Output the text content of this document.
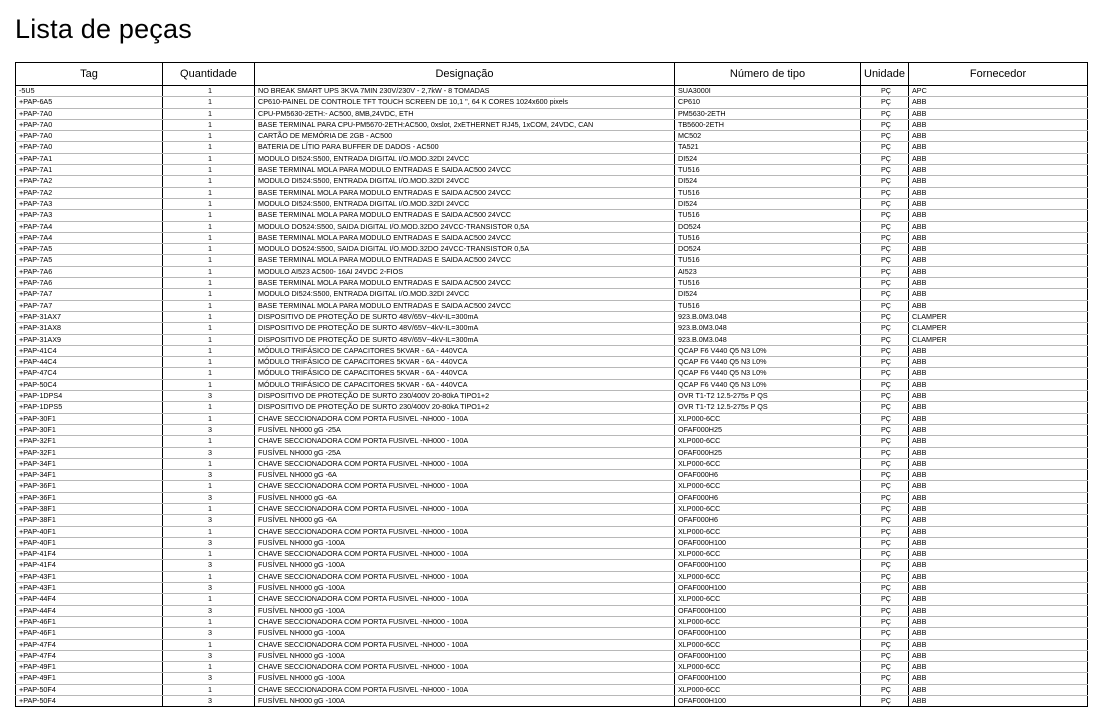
Lista de peças
Tag	Quantidade	Designação	Número de tipo	Unidade	Fornecedor
-5U5	1	NO BREAK SMART UPS 3KVA 7MIN 230V/230V - 2,7kW - 8 TOMADAS	SUA3000I	PÇ	APC
+PAP-6A5	1	CP610-PAINEL DE CONTROLE TFT TOUCH SCREEN DE 10,1 ", 64 K CORES 1024x600 pixels	CP610	PÇ	ABB
+PAP-7A0	1	CPU-PM5630-2ETH:- AC500, 8MB,24VDC, ETH	PM5630-2ETH	PÇ	ABB
+PAP-7A0	1	BASE TERMINAL PARA CPU-PM5670-2ETH:AC500, 0xslot, 2xETHERNET RJ45, 1xCOM, 24VDC, CAN	TB5600-2ETH	PÇ	ABB
+PAP-7A0	1	CARTÃO DE MEMÓRIA DE 2GB - AC500	MC502	PÇ	ABB
+PAP-7A0	1	BATERIA DE LÍTIO PARA BUFFER DE DADOS - AC500	TA521	PÇ	ABB
+PAP-7A1	1	MODULO DI524:S500, ENTRADA DIGITAL I/O.MOD.32DI 24VCC	DI524	PÇ	ABB
+PAP-7A1	1	BASE TERMINAL MOLA PARA MODULO ENTRADAS E SAIDA AC500 24VCC	TU516	PÇ	ABB
+PAP-7A2	1	MODULO DI524:S500, ENTRADA DIGITAL I/O.MOD.32DI 24VCC	DI524	PÇ	ABB
+PAP-7A2	1	BASE TERMINAL MOLA PARA MODULO ENTRADAS E SAIDA AC500 24VCC	TU516	PÇ	ABB
+PAP-7A3	1	MODULO DI524:S500, ENTRADA DIGITAL I/O.MOD.32DI 24VCC	DI524	PÇ	ABB
+PAP-7A3	1	BASE TERMINAL MOLA PARA MODULO ENTRADAS E SAIDA AC500 24VCC	TU516	PÇ	ABB
+PAP-7A4	1	MODULO DO524:S500, SAIDA DIGITAL I/O.MOD.32DO 24VCC-TRANSISTOR 0,5A	DO524	PÇ	ABB
+PAP-7A4	1	BASE TERMINAL MOLA PARA MODULO ENTRADAS E SAIDA AC500 24VCC	TU516	PÇ	ABB
+PAP-7A5	1	MODULO DO524:S500, SAIDA DIGITAL I/O.MOD.32DO 24VCC-TRANSISTOR 0,5A	DO524	PÇ	ABB
+PAP-7A5	1	BASE TERMINAL MOLA PARA MODULO ENTRADAS E SAIDA AC500 24VCC	TU516	PÇ	ABB
+PAP-7A6	1	MODULO AI523 AC500- 16AI 24VDC 2-FIOS	AI523	PÇ	ABB
+PAP-7A6	1	BASE TERMINAL MOLA PARA MODULO ENTRADAS E SAIDA AC500 24VCC	TU516	PÇ	ABB
+PAP-7A7	1	MODULO DI524:S500, ENTRADA DIGITAL I/O.MOD.32DI 24VCC	DI524	PÇ	ABB
+PAP-7A7	1	BASE TERMINAL MOLA PARA MODULO ENTRADAS E SAIDA AC500 24VCC	TU516	PÇ	ABB
+PAP-31AX7	1	DISPOSITIVO DE PROTEÇÃO DE SURTO 48V/65V~4kV-IL=300mA	923.B.0M3.048	PÇ	CLAMPER
+PAP-31AX8	1	DISPOSITIVO DE PROTEÇÃO DE SURTO 48V/65V~4kV-IL=300mA	923.B.0M3.048	PÇ	CLAMPER
+PAP-31AX9	1	DISPOSITIVO DE PROTEÇÃO DE SURTO 48V/65V~4kV-IL=300mA	923.B.0M3.048	PÇ	CLAMPER
+PAP-41C4	1	MÓDULO TRIFÁSICO DE CAPACITORES 5KVAR - 6A - 440VCA	QCAP F6 V440 Q5 N3 L0%	PÇ	ABB
+PAP-44C4	1	MÓDULO TRIFÁSICO DE CAPACITORES 5KVAR - 6A - 440VCA	QCAP F6 V440 Q5 N3 L0%	PÇ	ABB
+PAP-47C4	1	MÓDULO TRIFÁSICO DE CAPACITORES 5KVAR - 6A - 440VCA	QCAP F6 V440 Q5 N3 L0%	PÇ	ABB
+PAP-50C4	1	MÓDULO TRIFÁSICO DE CAPACITORES 5KVAR - 6A - 440VCA	QCAP F6 V440 Q5 N3 L0%	PÇ	ABB
+PAP-1DPS4	3	DISPOSITIVO DE PROTEÇÃO DE SURTO 230/400V 20-80kA TIPO1+2	OVR T1-T2 12.5-275s P QS	PÇ	ABB
+PAP-1DPS5	1	DISPOSITIVO DE PROTEÇÃO DE SURTO 230/400V 20-80kA TIPO1+2	OVR T1-T2 12.5-275s P QS	PÇ	ABB
+PAP-30F1	1	CHAVE SECCIONADORA COM PORTA FUSIVEL -NH000 - 100A	XLP000-6CC	PÇ	ABB
+PAP-30F1	3	FUSÍVEL NH000 gG -25A	OFAF000H25	PÇ	ABB
+PAP-32F1	1	CHAVE SECCIONADORA COM PORTA FUSIVEL -NH000 - 100A	XLP000-6CC	PÇ	ABB
+PAP-32F1	3	FUSÍVEL NH000 gG -25A	OFAF000H25	PÇ	ABB
+PAP-34F1	1	CHAVE SECCIONADORA COM PORTA FUSIVEL -NH000 - 100A	XLP000-6CC	PÇ	ABB
+PAP-34F1	3	FUSÍVEL NH000 gG -6A	OFAF000H6	PÇ	ABB
+PAP-36F1	1	CHAVE SECCIONADORA COM PORTA FUSIVEL -NH000 - 100A	XLP000-6CC	PÇ	ABB
+PAP-36F1	3	FUSÍVEL NH000 gG -6A	OFAF000H6	PÇ	ABB
+PAP-38F1	1	CHAVE SECCIONADORA COM PORTA FUSIVEL -NH000 - 100A	XLP000-6CC	PÇ	ABB
+PAP-38F1	3	FUSÍVEL NH000 gG -6A	OFAF000H6	PÇ	ABB
+PAP-40F1	1	CHAVE SECCIONADORA COM PORTA FUSIVEL -NH000 - 100A	XLP000-6CC	PÇ	ABB
+PAP-40F1	3	FUSÍVEL NH000 gG -100A	OFAF000H100	PÇ	ABB
+PAP-41F4	1	CHAVE SECCIONADORA COM PORTA FUSIVEL -NH000 - 100A	XLP000-6CC	PÇ	ABB
+PAP-41F4	3	FUSÍVEL NH000 gG -100A	OFAF000H100	PÇ	ABB
+PAP-43F1	1	CHAVE SECCIONADORA COM PORTA FUSIVEL -NH000 - 100A	XLP000-6CC	PÇ	ABB
+PAP-43F1	3	FUSÍVEL NH000 gG -100A	OFAF000H100	PÇ	ABB
+PAP-44F4	1	CHAVE SECCIONADORA COM PORTA FUSIVEL -NH000 - 100A	XLP000-6CC	PÇ	ABB
+PAP-44F4	3	FUSÍVEL NH000 gG -100A	OFAF000H100	PÇ	ABB
+PAP-46F1	1	CHAVE SECCIONADORA COM PORTA FUSIVEL -NH000 - 100A	XLP000-6CC	PÇ	ABB
+PAP-46F1	3	FUSÍVEL NH000 gG -100A	OFAF000H100	PÇ	ABB
+PAP-47F4	1	CHAVE SECCIONADORA COM PORTA FUSIVEL -NH000 - 100A	XLP000-6CC	PÇ	ABB
+PAP-47F4	3	FUSÍVEL NH000 gG -100A	OFAF000H100	PÇ	ABB
+PAP-49F1	1	CHAVE SECCIONADORA COM PORTA FUSIVEL -NH000 - 100A	XLP000-6CC	PÇ	ABB
+PAP-49F1	3	FUSÍVEL NH000 gG -100A	OFAF000H100	PÇ	ABB
+PAP-50F4	1	CHAVE SECCIONADORA COM PORTA FUSIVEL -NH000 - 100A	XLP000-6CC	PÇ	ABB
+PAP-50F4	3	FUSÍVEL NH000 gG -100A	OFAF000H100	PÇ	ABB
